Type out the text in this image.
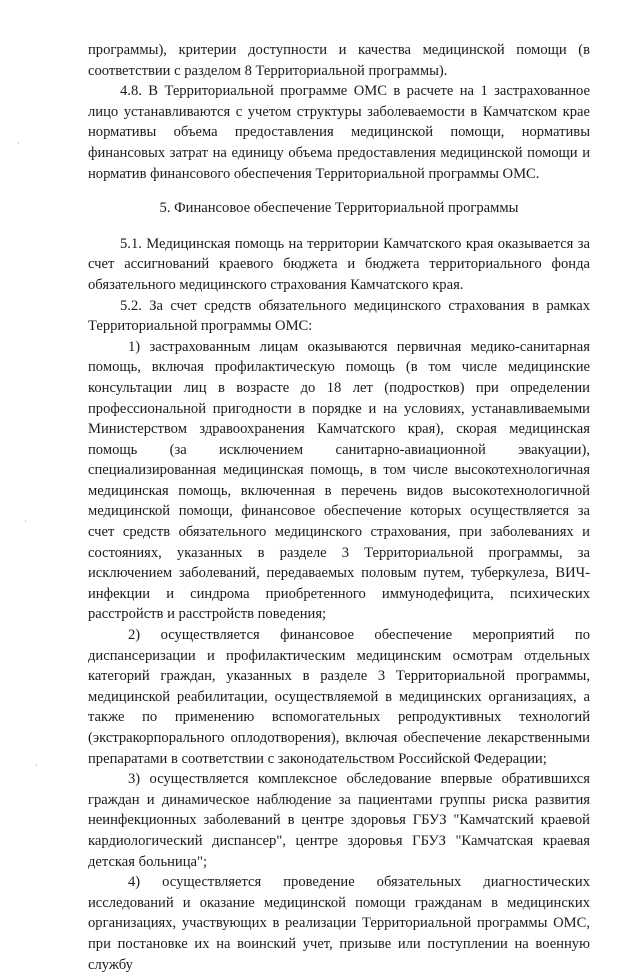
·
·
·

программы), критерии доступности и качества медицинской помощи (в соответствии с разделом 8 Территориальной программы).

4.8. В Территориальной программе ОМС в расчете на 1 застрахованное лицо устанавливаются с учетом структуры заболеваемости в Камчатском крае нормативы объема предоставления медицинской помощи, нормативы финансовых затрат на единицу объема предоставления медицинской помощи и норматив финансового обеспечения Территориальной программы ОМС.

5. Финансовое обеспечение Территориальной программы

5.1. Медицинская помощь на территории Камчатского края оказывается за счет ассигнований краевого бюджета и бюджета территориального фонда обязательного медицинского страхования Камчатского края.

5.2. За счет средств обязательного медицинского страхования в рамках Территориальной программы ОМС:

1) застрахованным лицам оказываются первичная медико-санитарная помощь, включая профилактическую помощь (в том числе медицинские консультации лиц в возрасте до 18 лет (подростков) при определении профессиональной пригодности в порядке и на условиях, устанавливаемыми Министерством здравоохранения Камчатского края), скорая медицинская помощь (за исключением санитарно-авиационной эвакуации), специализированная медицинская помощь, в том числе высокотехнологичная медицинская помощь, включенная в перечень видов высокотехнологичной медицинской помощи, финансовое обеспечение которых осуществляется за счет средств обязательного медицинского страхования, при заболеваниях и состояниях, указанных в разделе 3 Территориальной программы, за исключением заболеваний, передаваемых половым путем, туберкулеза, ВИЧ-инфекции и синдрома приобретенного иммунодефицита, психических расстройств и расстройств поведения;

2) осуществляется финансовое обеспечение мероприятий по диспансеризации и профилактическим медицинским осмотрам отдельных категорий граждан, указанных в разделе 3 Территориальной программы, медицинской реабилитации, осуществляемой в медицинских организациях, а также по применению вспомогательных репродуктивных технологий (экстракорпорального оплодотворения), включая обеспечение лекарственными препаратами в соответствии с законодательством Российской Федерации;

3) осуществляется комплексное обследование впервые обратившихся граждан и динамическое наблюдение за пациентами группы риска развития неинфекционных заболеваний в центре здоровья ГБУЗ "Камчатский краевой кардиологический диспансер", центре здоровья ГБУЗ "Камчатская краевая детская больница";

4) осуществляется проведение обязательных диагностических исследований и оказание медицинской помощи гражданам в медицинских организациях, участвующих в реализации Территориальной программы ОМС, при постановке их на воинский учет, призыве или поступлении на военную службу
